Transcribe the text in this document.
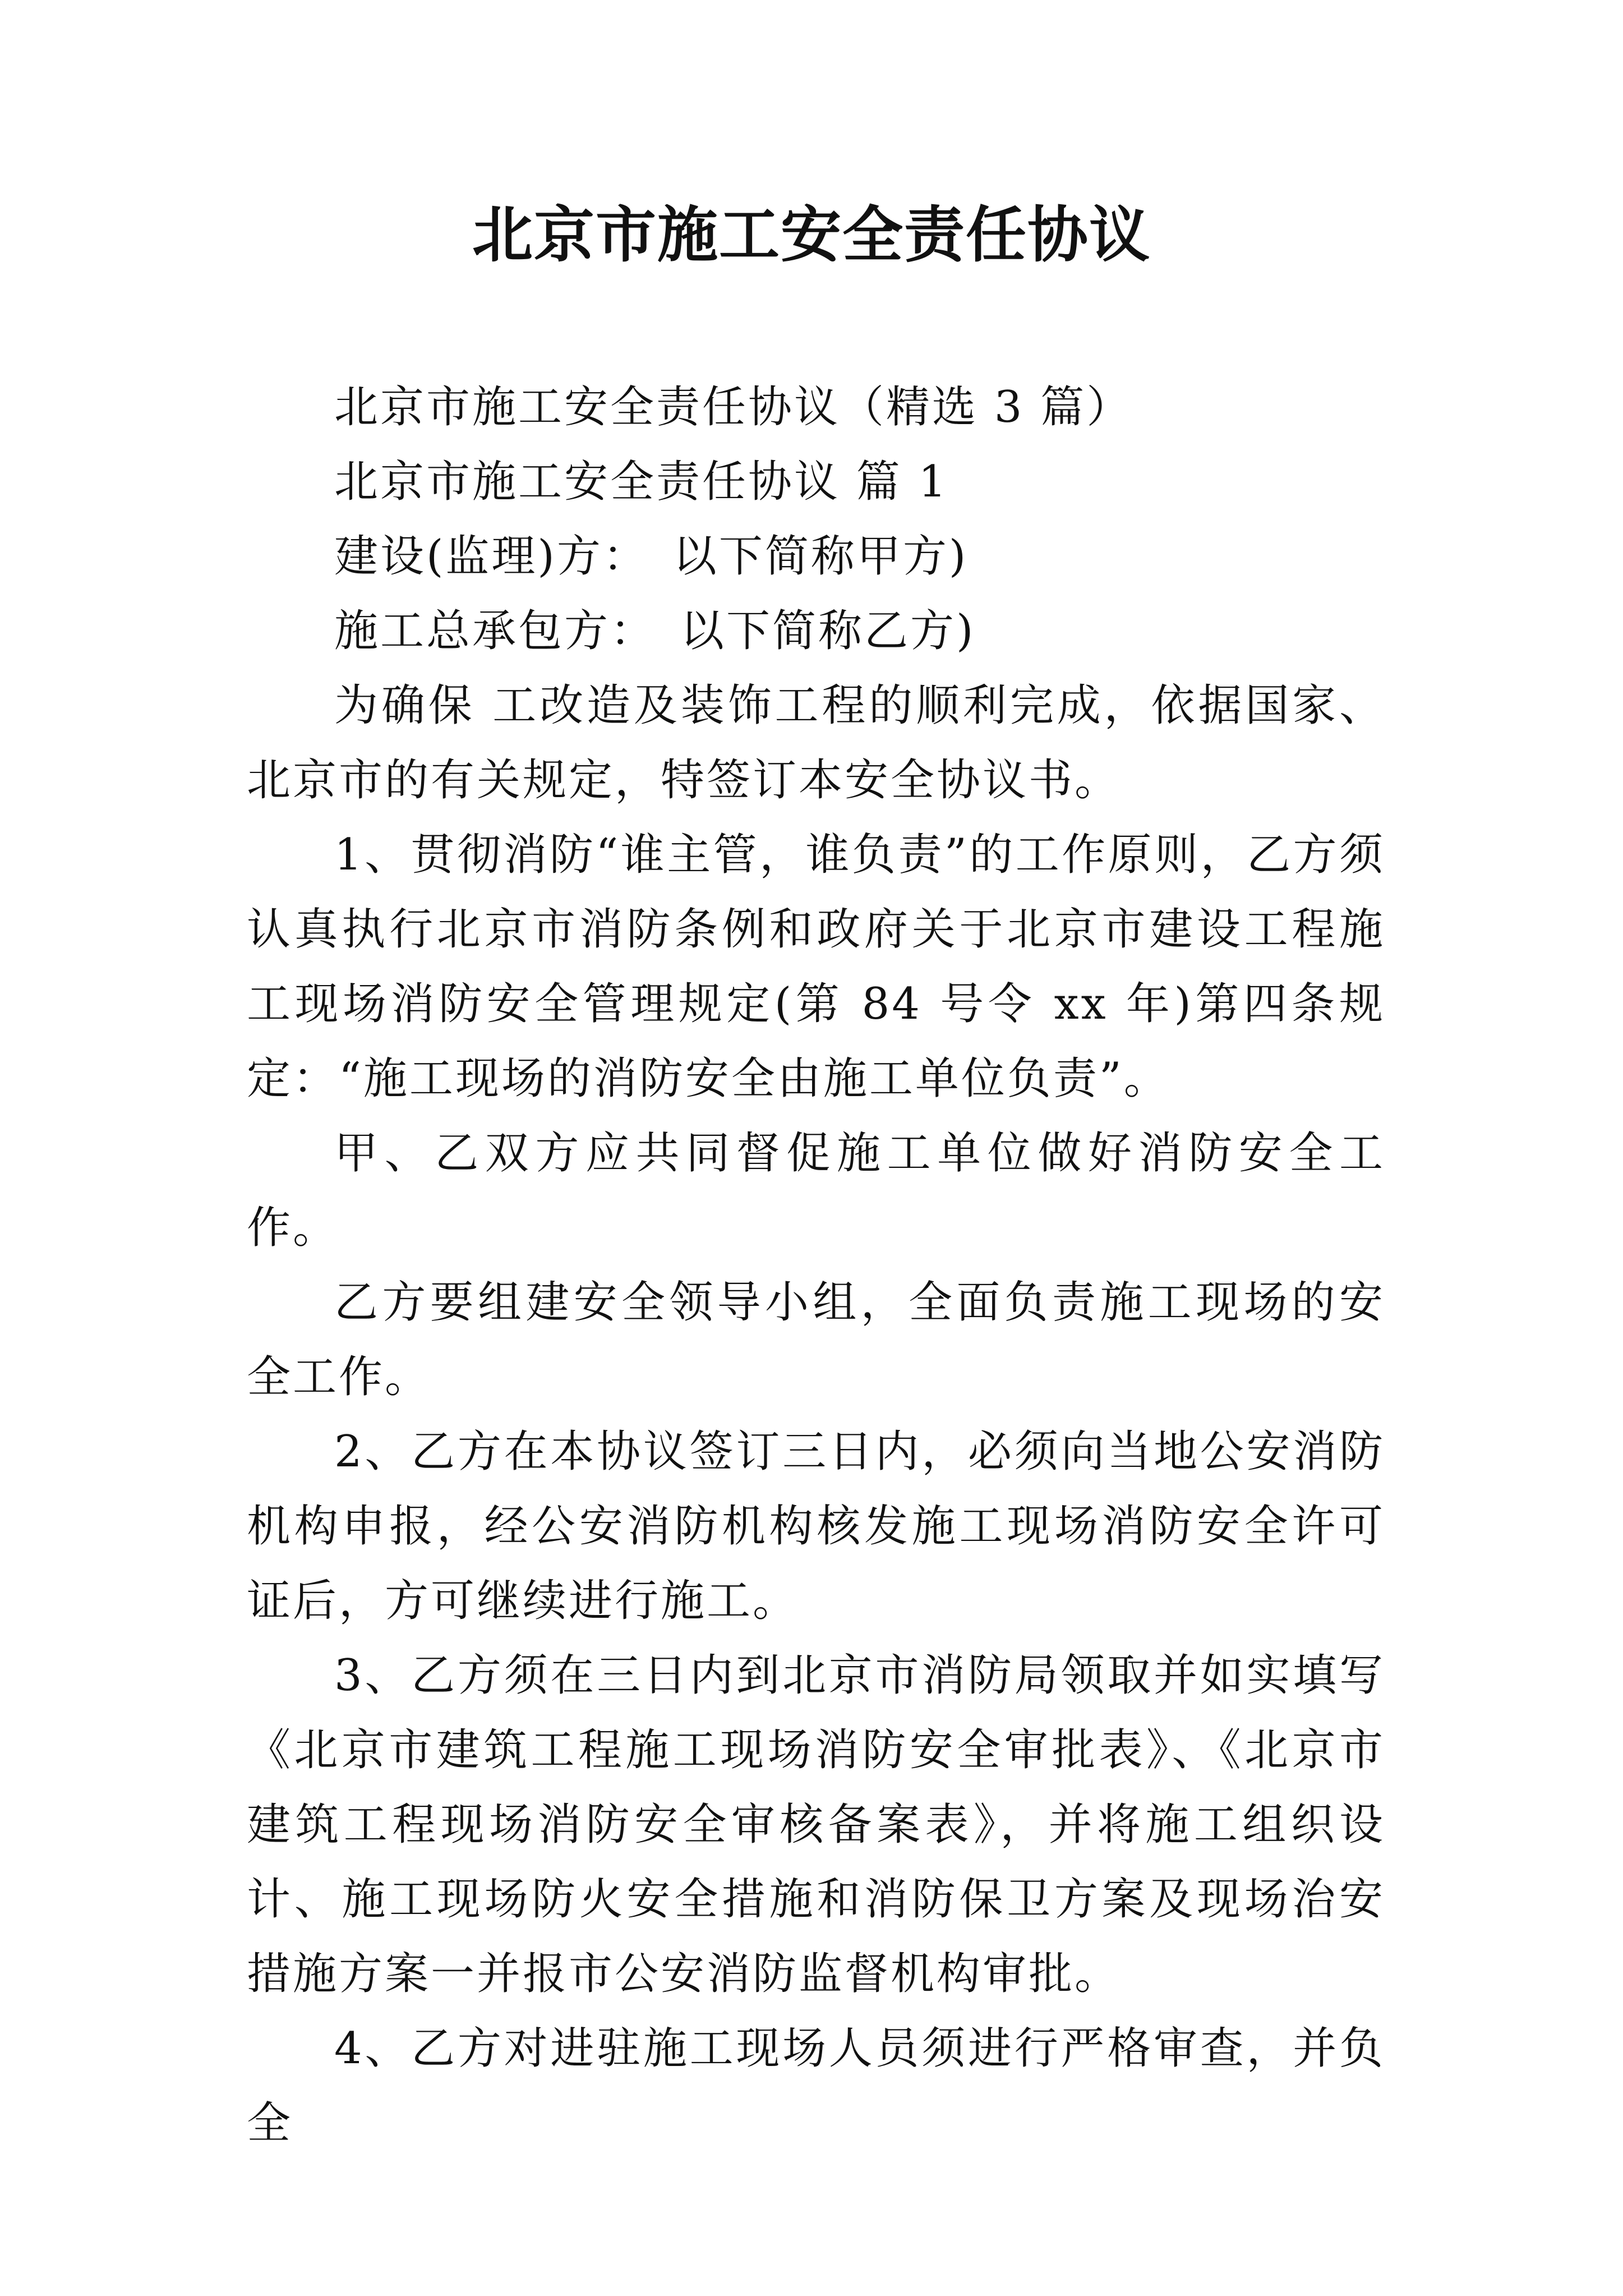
北京市施工安全责任协议

北京市施工安全责任协议（精选 3 篇）

北京市施工安全责任协议 篇 1

建设(监理)方：　以下简称甲方)

施工总承包方：　以下简称乙方)

为确保 工改造及装饰工程的顺利完成，依据国家、北京市的有关规定，特签订本安全协议书。

1、贯彻消防“谁主管，谁负责”的工作原则，乙方须认真执行北京市消防条例和政府关于北京市建设工程施工现场消防安全管理规定(第 84 号令 xx 年)第四条规定：“施工现场的消防安全由施工单位负责”。

甲、乙双方应共同督促施工单位做好消防安全工作。

乙方要组建安全领导小组，全面负责施工现场的安全工作。

2、乙方在本协议签订三日内，必须向当地公安消防机构申报，经公安消防机构核发施工现场消防安全许可证后，方可继续进行施工。

3、乙方须在三日内到北京市消防局领取并如实填写《北京市建筑工程施工现场消防安全审批表》、《北京市建筑工程现场消防安全审核备案表》，并将施工组织设计、施工现场防火安全措施和消防保卫方案及现场治安措施方案一并报市公安消防监督机构审批。

4、乙方对进驻施工现场人员须进行严格审查，并负全
